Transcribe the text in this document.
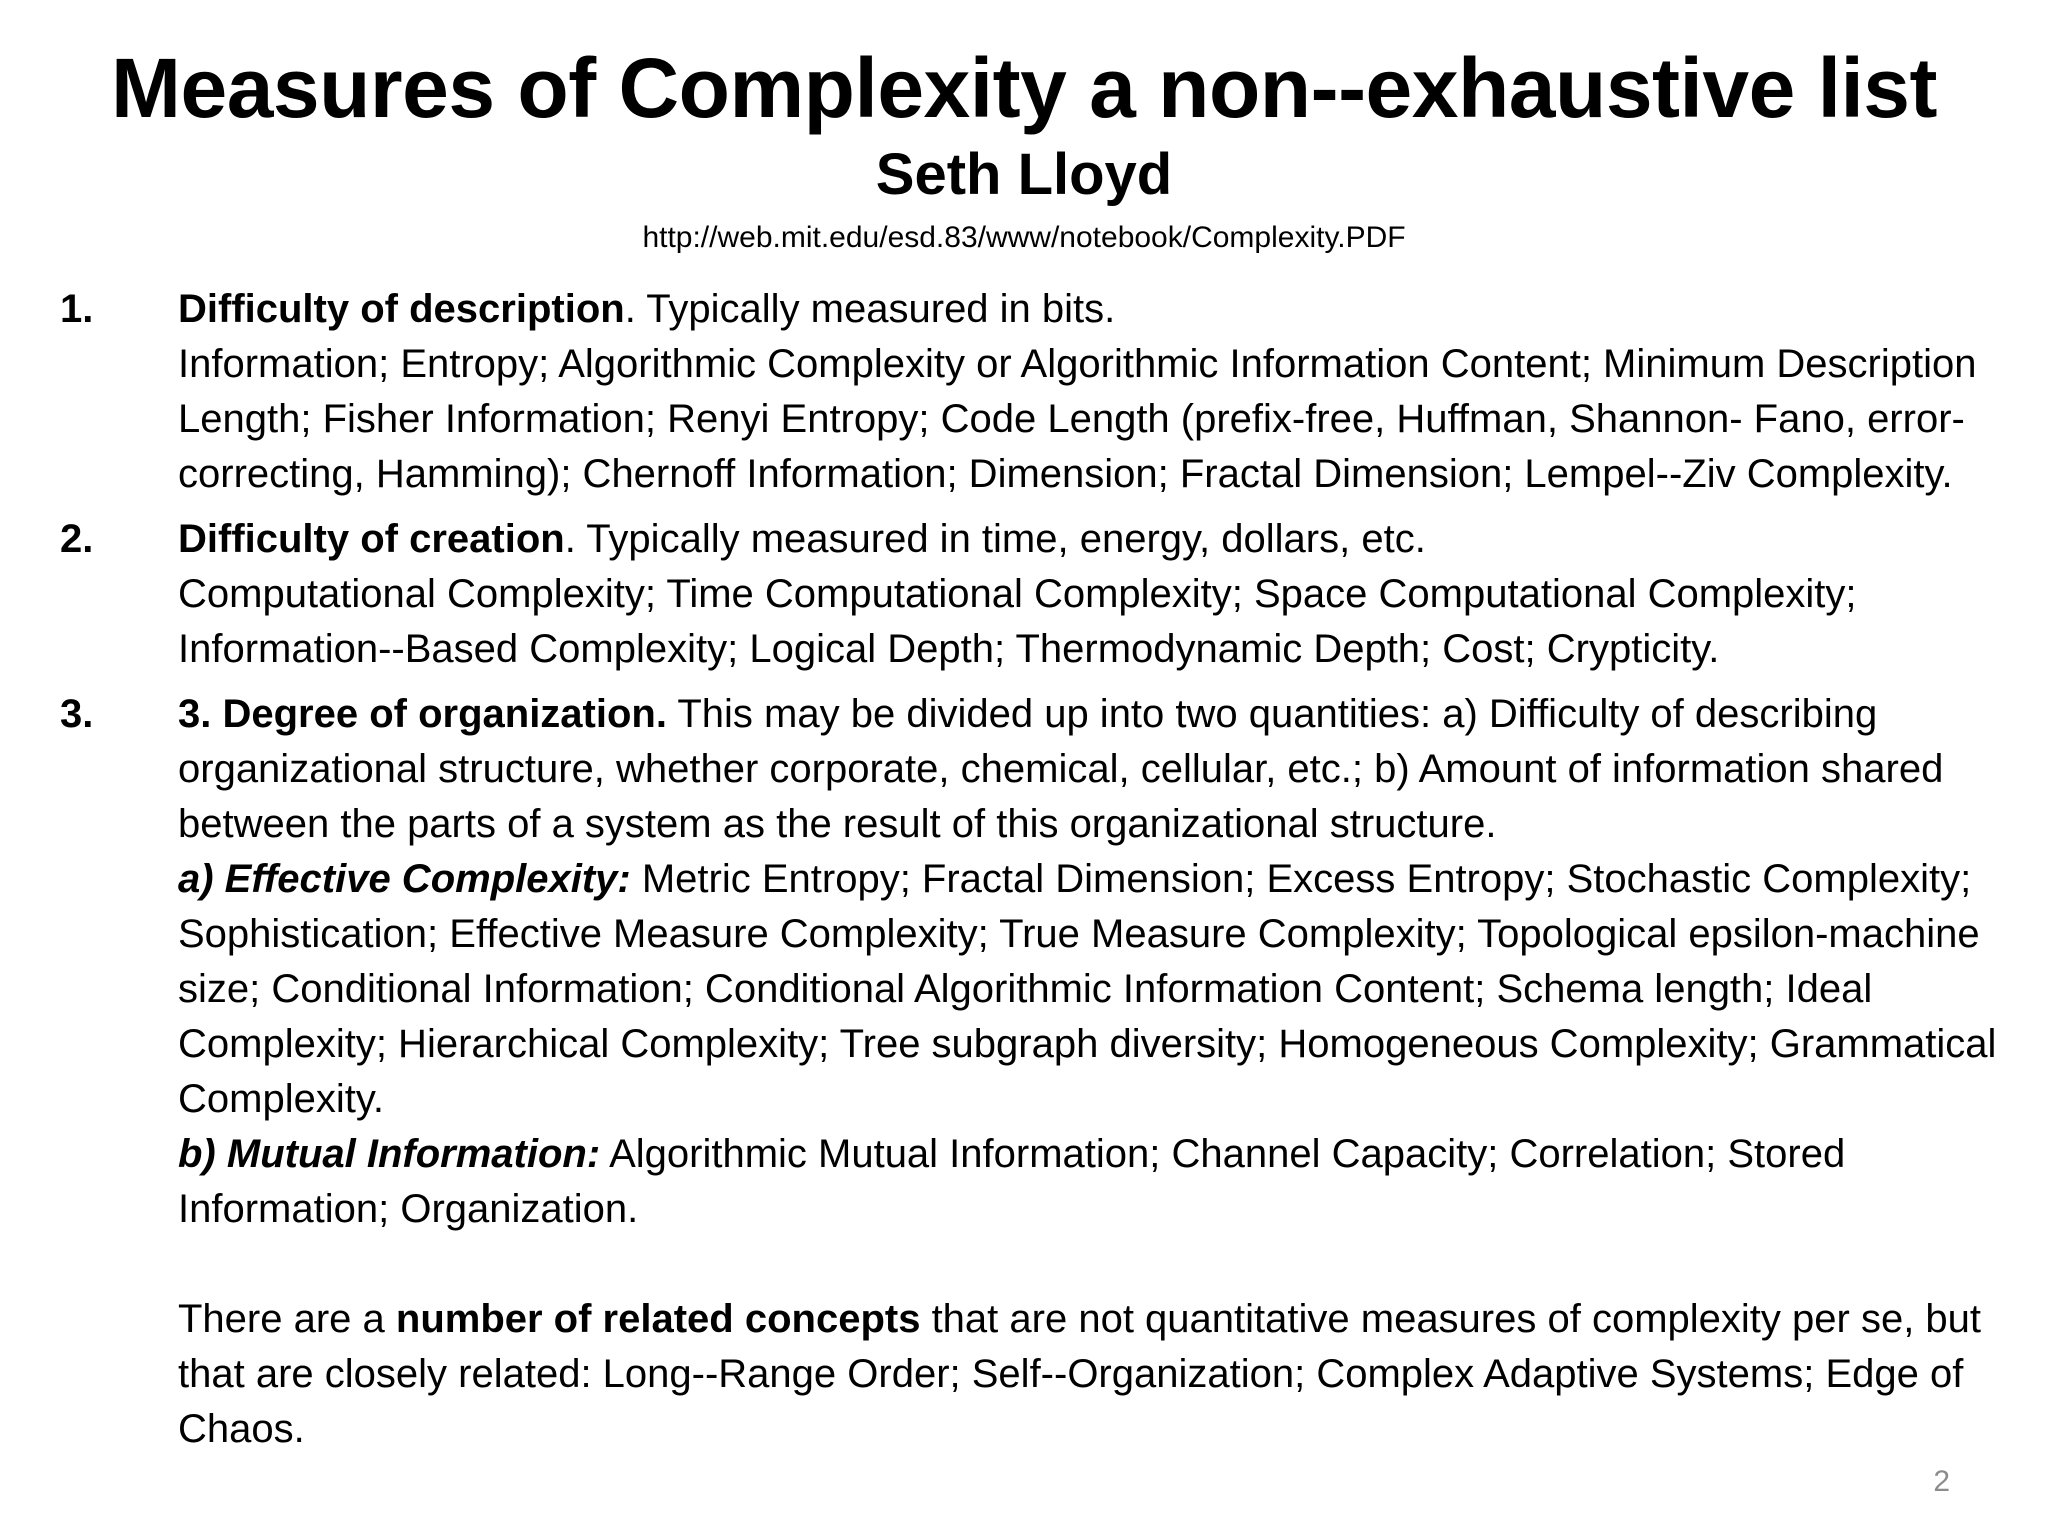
Measures of Complexity a non--exhaustive list
Seth Lloyd

http://web.mit.edu/esd.83/www/notebook/Complexity.PDF

1. Difficulty of description. Typically measured in bits.

Information; Entropy; Algorithmic Complexity or Algorithmic Information Content; Minimum Description Length; Fisher Information; Renyi Entropy; Code Length (prefix-free, Huffman, Shannon- Fano, error-correcting, Hamming); Chernoff Information; Dimension; Fractal Dimension; Lempel--Ziv Complexity.

2. Difficulty of creation. Typically measured in time, energy, dollars, etc.

Computational Complexity; Time Computational Complexity; Space Computational Complexity; Information--Based Complexity; Logical Depth; Thermodynamic Depth; Cost; Crypticity.

3. 3. Degree of organization. This may be divided up into two quantities: a) Difficulty of describing organizational structure, whether corporate, chemical, cellular, etc.; b) Amount of information shared between the parts of a system as the result of this organizational structure.

a) Effective Complexity: Metric Entropy; Fractal Dimension; Excess Entropy; Stochastic Complexity; Sophistication; Effective Measure Complexity; True Measure Complexity; Topological epsilon-machine size; Conditional Information; Conditional Algorithmic Information Content; Schema length; Ideal Complexity; Hierarchical Complexity; Tree subgraph diversity; Homogeneous Complexity; Grammatical Complexity.

b) Mutual Information: Algorithmic Mutual Information; Channel Capacity; Correlation; Stored Information; Organization.

There are a number of related concepts that are not quantitative measures of complexity per se, but that are closely related: Long--Range Order; Self--Organization; Complex Adaptive Systems; Edge of Chaos.

2
